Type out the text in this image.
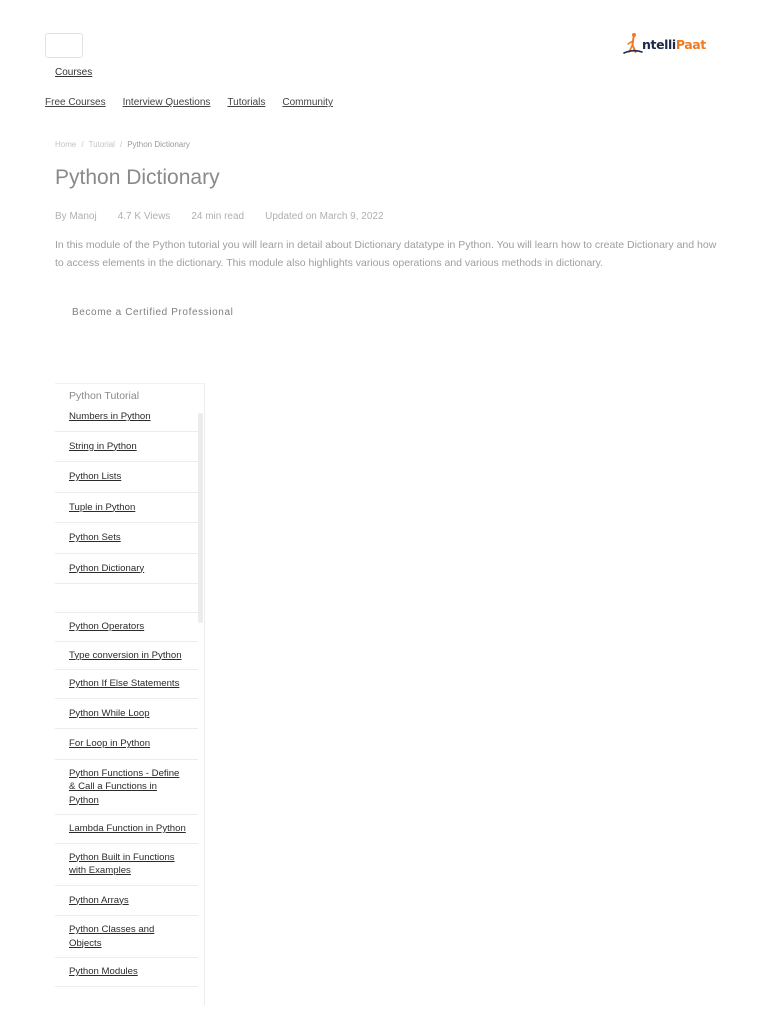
Courses
ntelli Paat
Free Courses Interview Questions Tutorials Community
Home / Tutorial / Python Dictionary
Python Dictionary
By Manoj 4.7 K Views 24 min read Updated on March 9, 2022

In this module of the Python tutorial you will learn in detail about Dictionary datatype in Python. You will learn how to create Dictionary and how to access elements in the dictionary. This module also highlights various operations and various methods in dictionary.

Become a Certified Professional
Python Tutorial
Numbers in Python
String in Python
Python Lists
Tuple in Python
Python Sets
Python Dictionary
Python Operators
Type conversion in Python
Python If Else Statements
Python While Loop
For Loop in Python
Python Functions - Define & Call a Functions in Python
Lambda Function in Python
Python Built in Functions with Examples
Python Arrays
Python Classes and Objects
Python Modules
